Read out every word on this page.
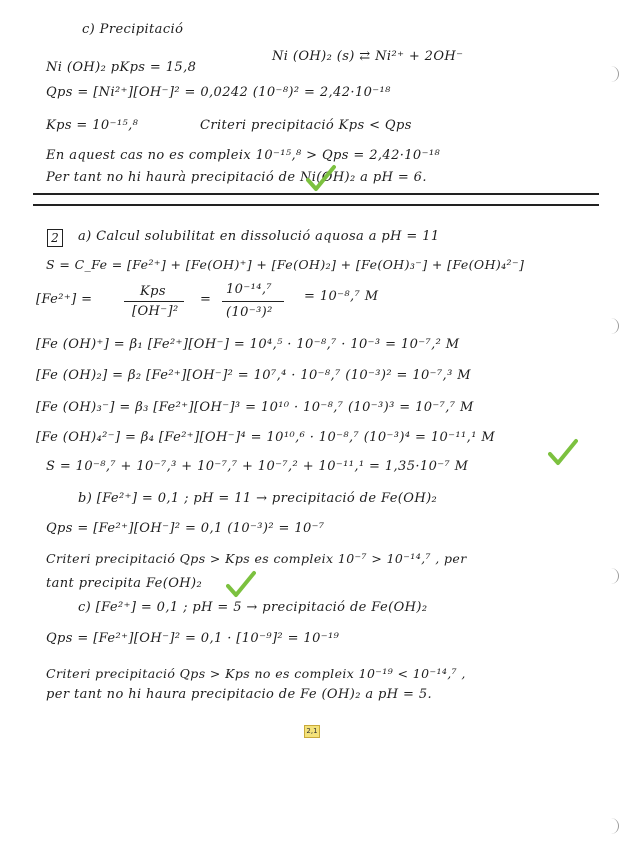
c) Precipitació
Ni (OH)₂ pKps = 15,8
Ni (OH)₂ (s) ⇄ Ni²⁺ + 2OH⁻
Qps = [Ni²⁺][OH⁻]² = 0,0242 (10⁻⁸)² = 2,42·10⁻¹⁸
Kps = 10⁻¹⁵,⁸	Criteri precipitació Kps < Qps
En aquest cas no es compleix 10⁻¹⁵,⁸ > Qps = 2,42·10⁻¹⁸
Per tant no hi haurà precipitació de Ni(OH)₂ a pH = 6.
2	a) Calcul solubilitat en dissolució aquosa a pH = 11
S = C_Fe = [Fe²⁺] + [Fe(OH)⁺] + [Fe(OH)₂] + [Fe(OH)₃⁻] + [Fe(OH)₄²⁻]
[Fe²⁺] =
Kps
[OH⁻]²
=
10⁻¹⁴,⁷
(10⁻³)²
= 10⁻⁸,⁷ M
[Fe (OH)⁺] = β₁ [Fe²⁺][OH⁻] = 10⁴,⁵ · 10⁻⁸,⁷ · 10⁻³ = 10⁻⁷,² M
[Fe (OH)₂] = β₂ [Fe²⁺][OH⁻]² = 10⁷,⁴ · 10⁻⁸,⁷ (10⁻³)² = 10⁻⁷,³ M
[Fe (OH)₃⁻] = β₃ [Fe²⁺][OH⁻]³ = 10¹⁰ · 10⁻⁸,⁷ (10⁻³)³ = 10⁻⁷,⁷ M
[Fe (OH)₄²⁻] = β₄ [Fe²⁺][OH⁻]⁴ = 10¹⁰,⁶ · 10⁻⁸,⁷ (10⁻³)⁴ = 10⁻¹¹,¹ M
S = 10⁻⁸,⁷ + 10⁻⁷,³ + 10⁻⁷,⁷ + 10⁻⁷,² + 10⁻¹¹,¹ = 1,35·10⁻⁷ M
b) [Fe²⁺] = 0,1 ; pH = 11 → precipitació de Fe(OH)₂
Qps = [Fe²⁺][OH⁻]² = 0,1 (10⁻³)² = 10⁻⁷
Criteri precipitació Qps > Kps es compleix 10⁻⁷ > 10⁻¹⁴,⁷ , per
tant precipita Fe(OH)₂
c) [Fe²⁺] = 0,1 ; pH = 5 → precipitació de Fe(OH)₂
Qps = [Fe²⁺][OH⁻]² = 0,1 · [10⁻⁹]² = 10⁻¹⁹
Criteri precipitació Qps > Kps no es compleix 10⁻¹⁹ < 10⁻¹⁴,⁷ ,
per tant no hi haura precipitacio de Fe (OH)₂ a pH = 5.
2,1
